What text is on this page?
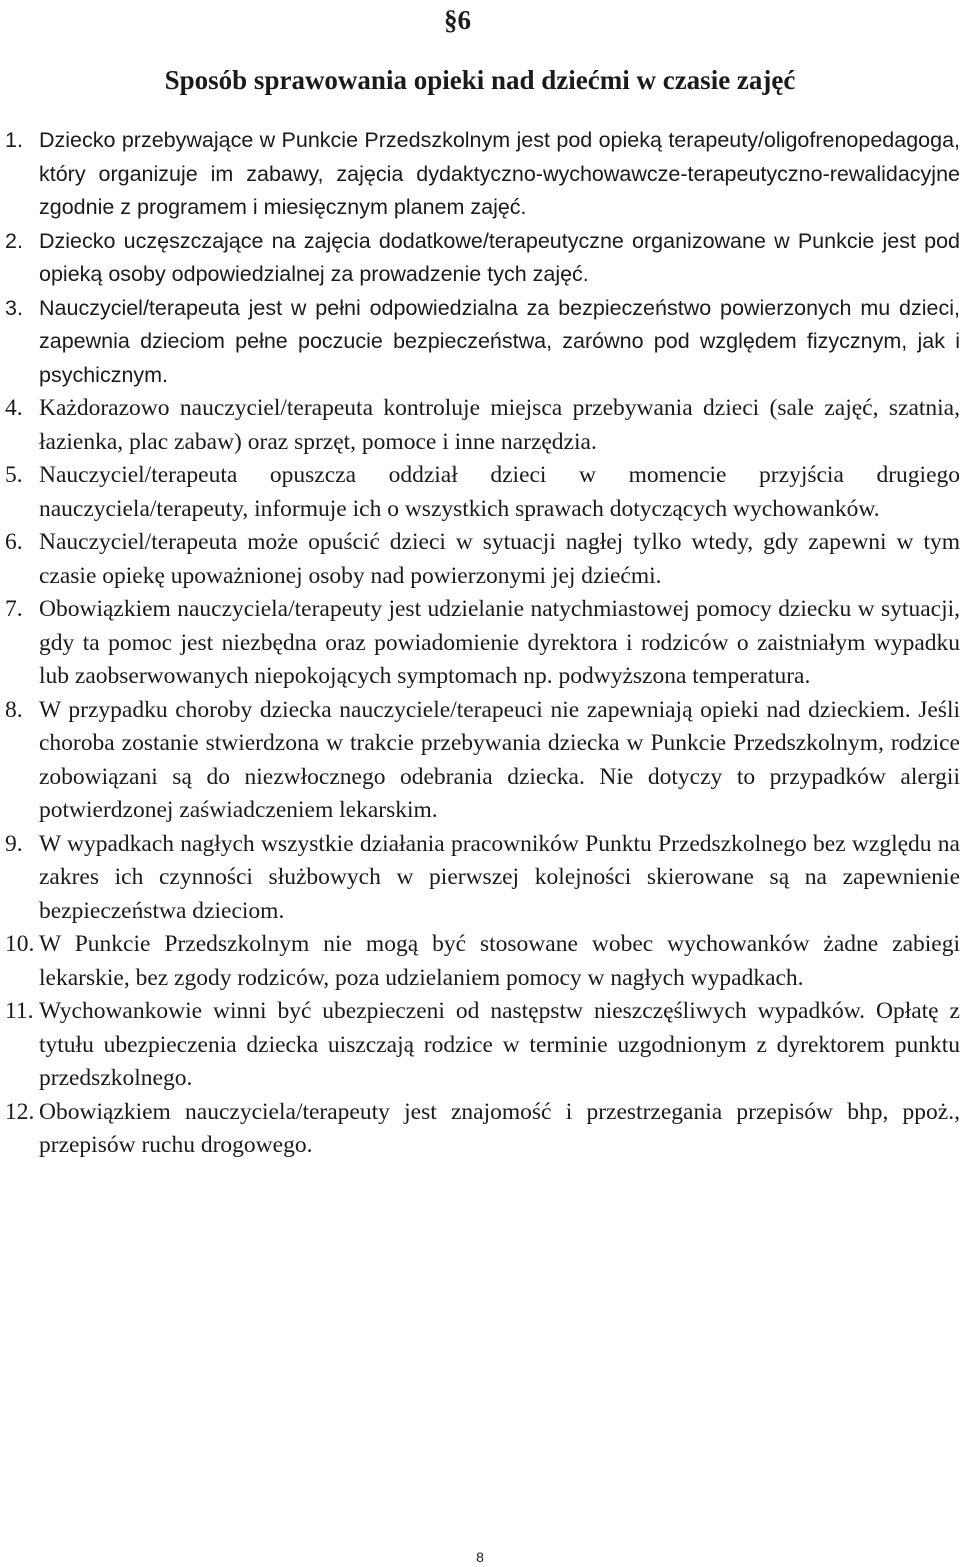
§6
Sposób sprawowania opieki nad dziećmi w czasie zajęć
1. Dziecko przebywające w Punkcie Przedszkolnym jest pod opieką terapeuty/oligofrenopedagoga, który organizuje im zabawy, zajęcia dydaktyczno-wychowawcze-terapeutyczno-rewalidacyjne zgodnie z programem i miesięcznym planem zajęć.
2. Dziecko uczęszczające na zajęcia dodatkowe/terapeutyczne organizowane w Punkcie jest pod opieką osoby odpowiedzialnej za prowadzenie tych zajęć.
3. Nauczyciel/terapeuta jest w pełni odpowiedzialna za bezpieczeństwo powierzonych mu dzieci, zapewnia dzieciom pełne poczucie bezpieczeństwa, zarówno pod względem fizycznym, jak i psychicznym.
4. Każdorazowo nauczyciel/terapeuta kontroluje miejsca przebywania dzieci (sale zajęć, szatnia, łazienka, plac zabaw) oraz sprzęt, pomoce i inne narzędzia.
5. Nauczyciel/terapeuta opuszcza oddział dzieci w momencie przyjścia drugiego nauczyciela/terapeuty, informuje ich o wszystkich sprawach dotyczących wychowanków.
6. Nauczyciel/terapeuta może opuścić dzieci w sytuacji nagłej tylko wtedy, gdy zapewni w tym czasie opiekę upoważnionej osoby nad powierzonymi jej dziećmi.
7. Obowiązkiem nauczyciela/terapeuty jest udzielanie natychmiastowej pomocy dziecku w sytuacji, gdy ta pomoc jest niezbędna oraz powiadomienie dyrektora i rodziców o zaistniałym wypadku lub zaobserwowanych niepokojących symptomach np. podwyższona temperatura.
8. W przypadku choroby dziecka nauczyciele/terapeuci nie zapewniają opieki nad dzieckiem. Jeśli choroba zostanie stwierdzona w trakcie przebywania dziecka w Punkcie Przedszkolnym, rodzice zobowiązani są do niezwłocznego odebrania dziecka. Nie dotyczy to przypadków alergii potwierdzonej zaświadczeniem lekarskim.
9. W wypadkach nagłych wszystkie działania pracowników Punktu Przedszkolnego bez względu na zakres ich czynności służbowych w pierwszej kolejności skierowane są na zapewnienie bezpieczeństwa dzieciom.
10. W Punkcie Przedszkolnym nie mogą być stosowane wobec wychowanków żadne zabiegi lekarskie, bez zgody rodziców, poza udzielaniem pomocy w nagłych wypadkach.
11. Wychowankowie winni być ubezpieczeni od następstw nieszczęśliwych wypadków. Opłatę z tytułu ubezpieczenia dziecka uiszczają rodzice w terminie uzgodnionym z dyrektorem punktu przedszkolnego.
12. Obowiązkiem nauczyciela/terapeuty jest znajomość i przestrzegania przepisów bhp, ppoż., przepisów ruchu drogowego.
8
